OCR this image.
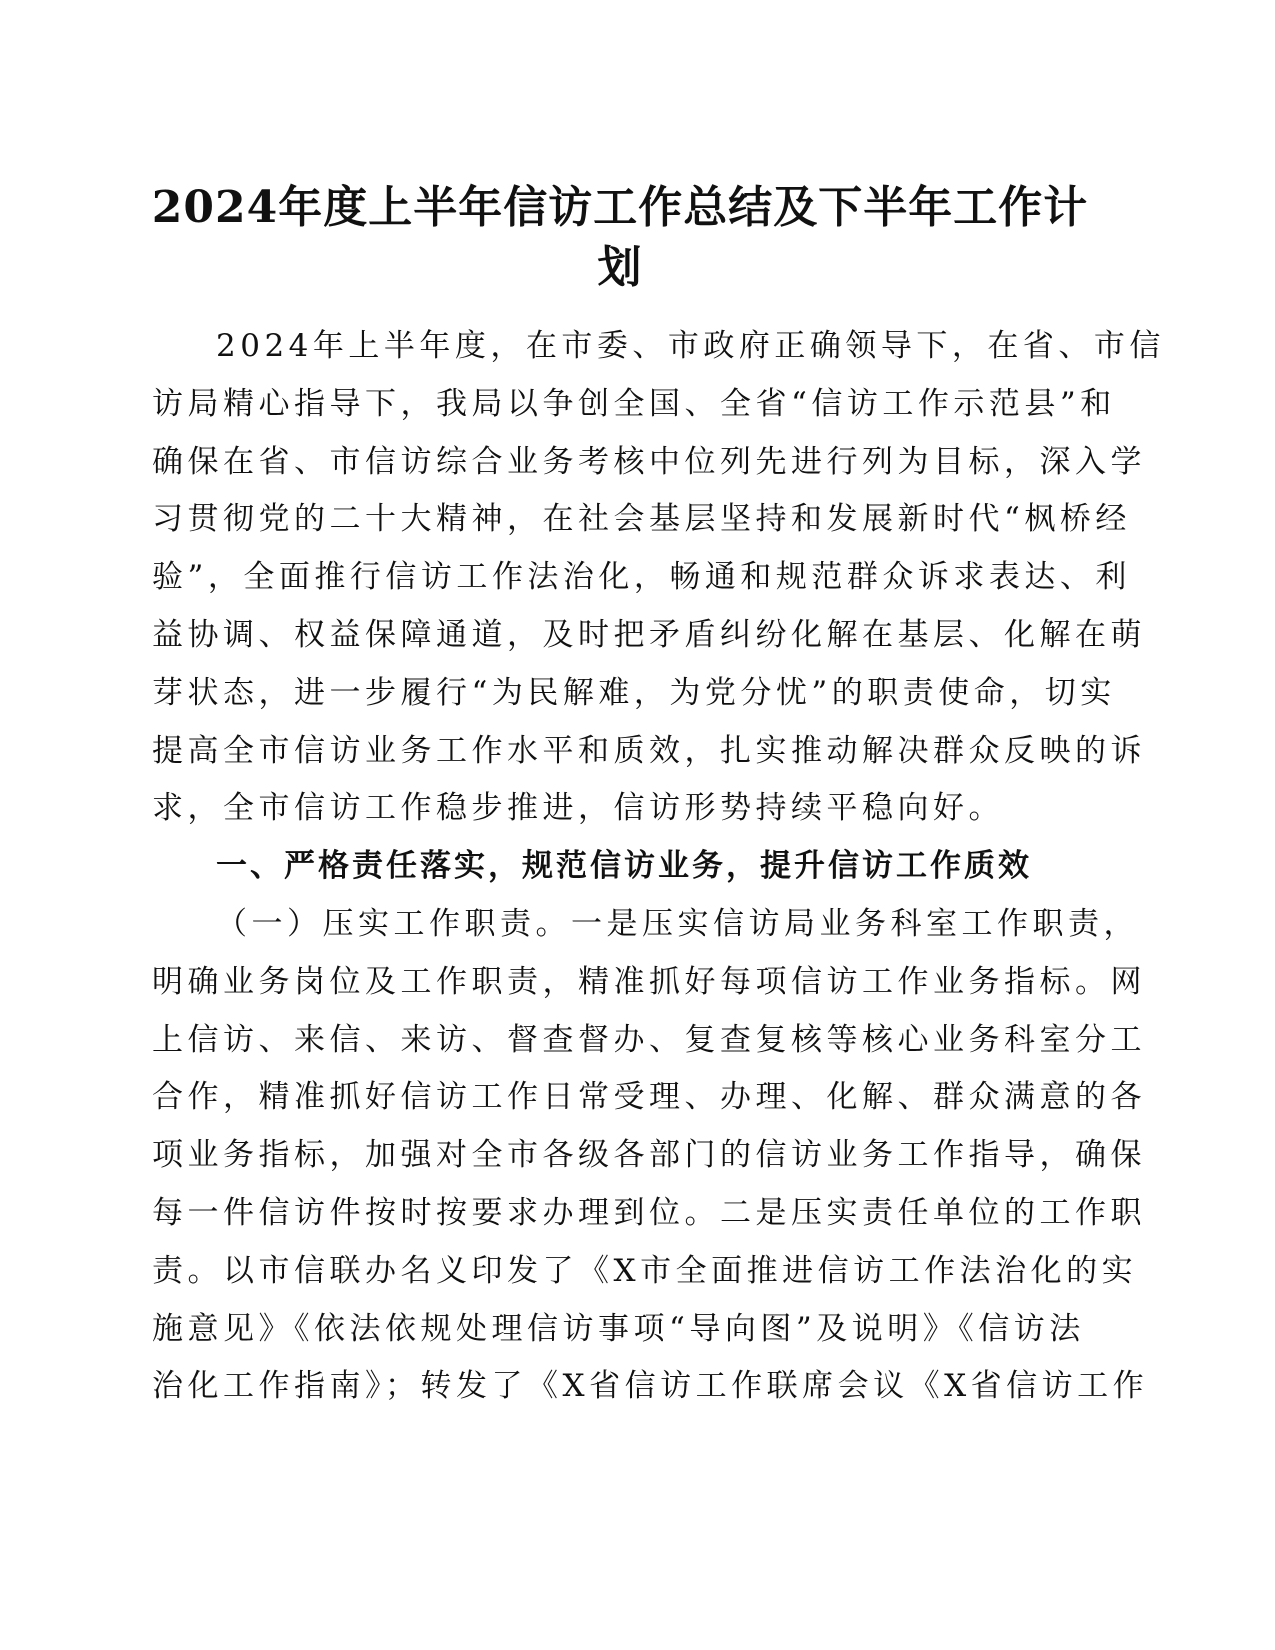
2024年度上半年信访工作总结及下半年工作计
划
2024年上半年度，在市委、市政府正确领导下，在省、市信
访局精心指导下，我局以争创全国、全省“信访工作示范县”和
确保在省、市信访综合业务考核中位列先进行列为目标，深入学
习贯彻党的二十大精神，在社会基层坚持和发展新时代“枫桥经
验”，全面推行信访工作法治化，畅通和规范群众诉求表达、利
益协调、权益保障通道，及时把矛盾纠纷化解在基层、化解在萌
芽状态，进一步履行“为民解难，为党分忧”的职责使命，切实
提高全市信访业务工作水平和质效，扎实推动解决群众反映的诉
求，全市信访工作稳步推进，信访形势持续平稳向好。
一、严格责任落实，规范信访业务，提升信访工作质效
（一）压实工作职责。一是压实信访局业务科室工作职责，
明确业务岗位及工作职责，精准抓好每项信访工作业务指标。网
上信访、来信、来访、督查督办、复查复核等核心业务科室分工
合作，精准抓好信访工作日常受理、办理、化解、群众满意的各
项业务指标，加强对全市各级各部门的信访业务工作指导，确保
每一件信访件按时按要求办理到位。二是压实责任单位的工作职
责。以市信联办名义印发了《X市全面推进信访工作法治化的实
施意见》《依法依规处理信访事项“导向图”及说明》《信访法
治化工作指南》；转发了《X省信访工作联席会议《X省信访工作
